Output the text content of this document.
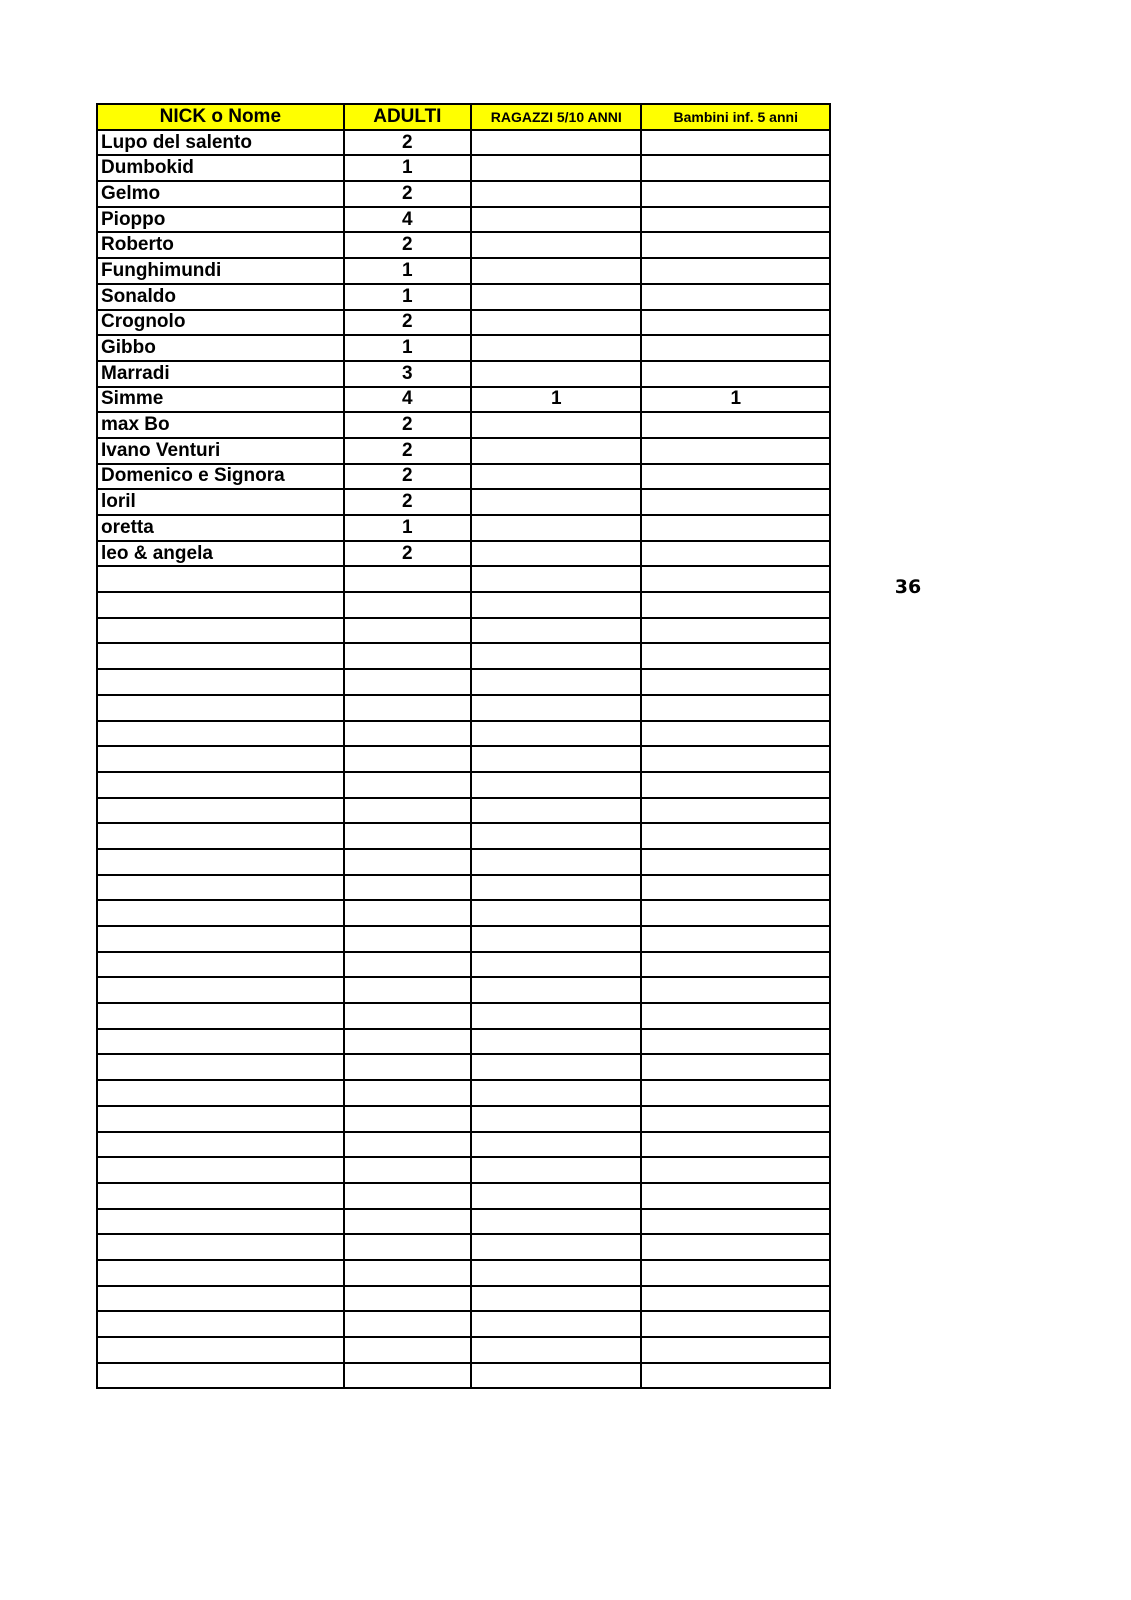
NICK o Nome	ADULTI	RAGAZZI 5/10 ANNI	Bambini inf. 5 anni
Lupo del salento	2		
Dumbokid	1		
Gelmo	2		
Pioppo	4		
Roberto	2		
Funghimundi	1		
Sonaldo	1		
Crognolo	2		
Gibbo	1		
Marradi	3		
Simme	4	1	1
max Bo	2		
Ivano Venturi	2		
Domenico e Signora	2		
loril	2		
oretta	1		
leo & angela	2		

36
